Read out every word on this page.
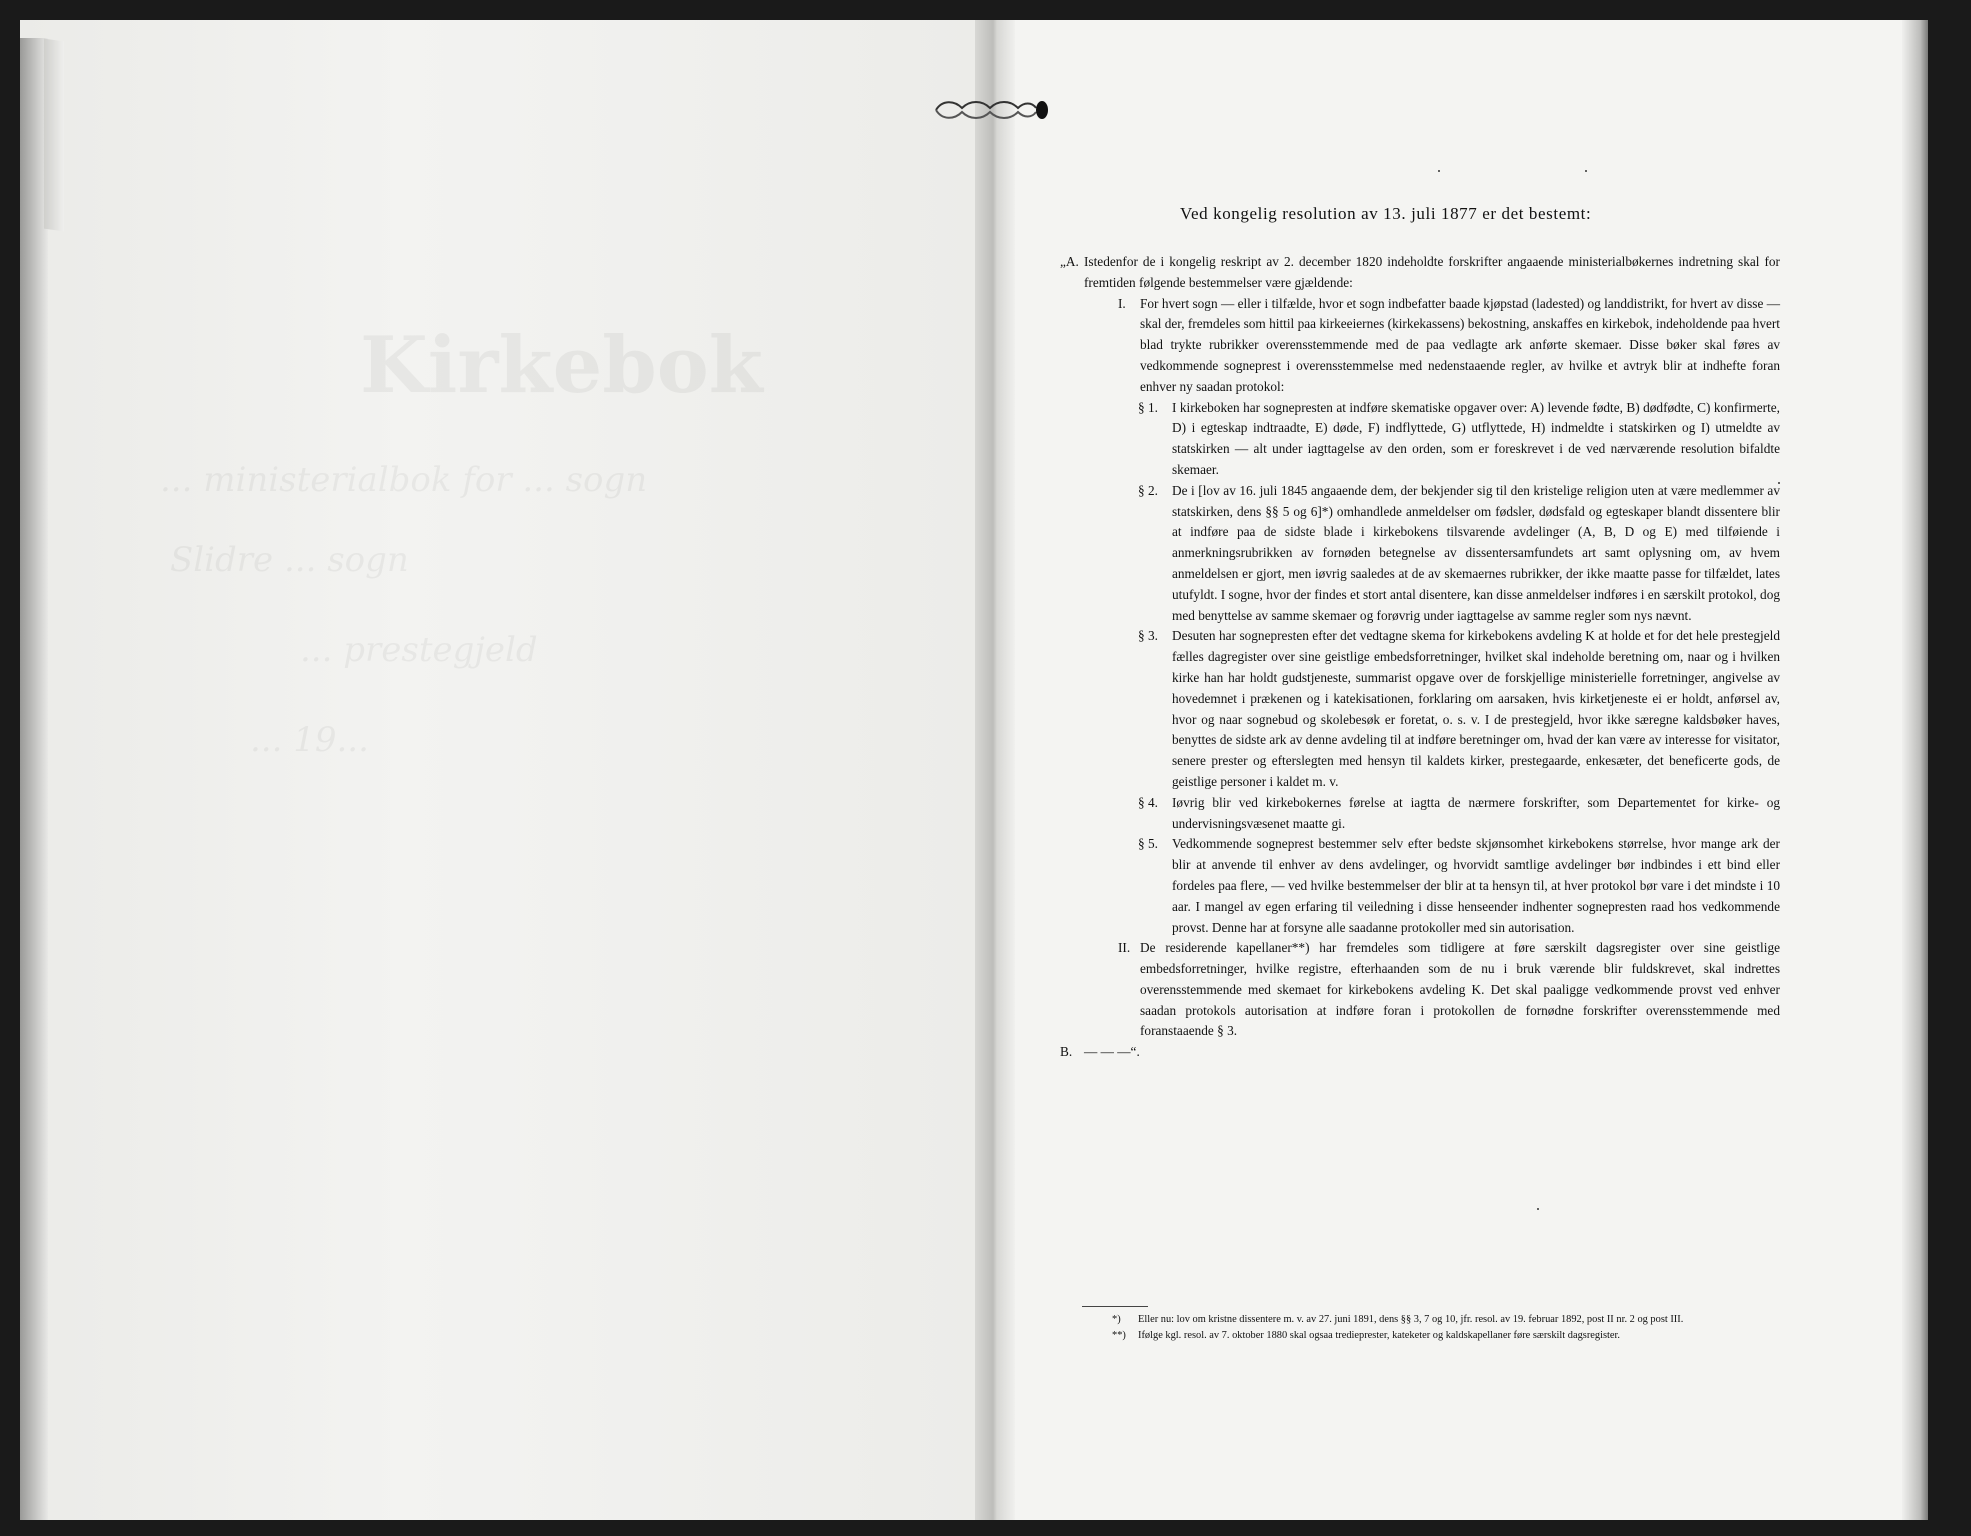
Ved kongelig resolution av 13. juli 1877 er det bestemt:
„A. Istedenfor de i kongelig reskript av 2. december 1820 indeholdte forskrifter angaaende ministerialbøkernes indretning skal for fremtiden følgende bestemmelser være gjældende:
I. For hvert sogn — eller i tilfælde, hvor et sogn indbefatter baade kjøpstad (ladested) og landdistrikt, for hvert av disse — skal der, fremdeles som hittil paa kirkeeiernes (kirkekassens) bekostning, anskaffes en kirkebok, indeholdende paa hvert blad trykte rubrikker overensstemmende med de paa vedlagte ark anførte skemaer. Disse bøker skal føres av vedkommende sogneprest i overensstemmelse med nedenstaaende regler, av hvilke et avtryk blir at indhefte foran enhver ny saadan protokol:
§ 1. I kirkeboken har sognepresten at indføre skematiske opgaver over: A) levende fødte, B) dødfødte, C) konfirmerte, D) i egteskap indtraadte, E) døde, F) indflyttede, G) utflyttede, H) indmeldte i statskirken og I) utmeldte av statskirken — alt under iagttagelse av den orden, som er foreskrevet i de ved nærværende resolution bifaldte skemaer.
§ 2. De i [lov av 16. juli 1845 angaaende dem, der bekjender sig til den kristelige religion uten at være medlemmer av statskirken, dens §§ 5 og 6]*) omhandlede anmeldelser om fødsler, dødsfald og egteskaper blandt dissentere blir at indføre paa de sidste blade i kirkebokens tilsvarende avdelinger (A, B, D og E) med tilføiende i anmerkningsrubrikken av fornøden betegnelse av dissentersamfundets art samt oplysning om, av hvem anmeldelsen er gjort, men iøvrig saaledes at de av skemaernes rubrikker, der ikke maatte passe for tilfældet, lates utufyldt. I sogne, hvor der findes et stort antal disentere, kan disse anmeldelser indføres i en særskilt protokol, dog med benyttelse av samme skemaer og forøvrig under iagttagelse av samme regler som nys nævnt.
§ 3. Desuten har sognepresten efter det vedtagne skema for kirkebokens avdeling K at holde et for det hele prestegjeld fælles dagregister over sine geistlige embedsforretninger, hvilket skal indeholde beretning om, naar og i hvilken kirke han har holdt gudstjeneste, summarist opgave over de forskjellige ministerielle forretninger, angivelse av hovedemnet i prækenen og i katekisationen, forklaring om aarsaken, hvis kirketjeneste ei er holdt, anførsel av, hvor og naar sognebud og skolebesøk er foretat, o. s. v. I de prestegjeld, hvor ikke særegne kaldsbøker haves, benyttes de sidste ark av denne avdeling til at indføre beretninger om, hvad der kan være av interesse for visitator, senere prester og efterslegten med hensyn til kaldets kirker, prestegaarde, enkesæter, det beneficerte gods, de geistlige personer i kaldet m. v.
§ 4. Iøvrig blir ved kirkebokernes førelse at iagtta de nærmere forskrifter, som Departementet for kirke- og undervisningsvæsenet maatte gi.
§ 5. Vedkommende sogneprest bestemmer selv efter bedste skjønsomhet kirkebokens størrelse, hvor mange ark der blir at anvende til enhver av dens avdelinger, og hvorvidt samtlige avdelinger bør indbindes i ett bind eller fordeles paa flere, — ved hvilke bestemmelser der blir at ta hensyn til, at hver protokol bør vare i det mindste i 10 aar. I mangel av egen erfaring til veiledning i disse henseender indhenter sognepresten raad hos vedkommende provst. Denne har at forsyne alle saadanne protokoller med sin autorisation.
II. De residerende kapellaner**) har fremdeles som tidligere at føre særskilt dagsregister over sine geistlige embedsforretninger, hvilke registre, efterhaanden som de nu i bruk værende blir fuldskrevet, skal indrettes overensstemmende med skemaet for kirkebokens avdeling K. Det skal paaligge vedkommende provst ved enhver saadan protokols autorisation at indføre foran i protokollen de fornødne forskrifter overensstemmende med foranstaaende § 3.
B. — — —“.
*) Eller nu: lov om kristne dissentere m. v. av 27. juni 1891, dens §§ 3, 7 og 10, jfr. resol. av 19. februar 1892, post II nr. 2 og post III.
**) Ifølge kgl. resol. av 7. oktober 1880 skal ogsaa tredieprester, kateketer og kaldskapellaner føre særskilt dagsregister.
